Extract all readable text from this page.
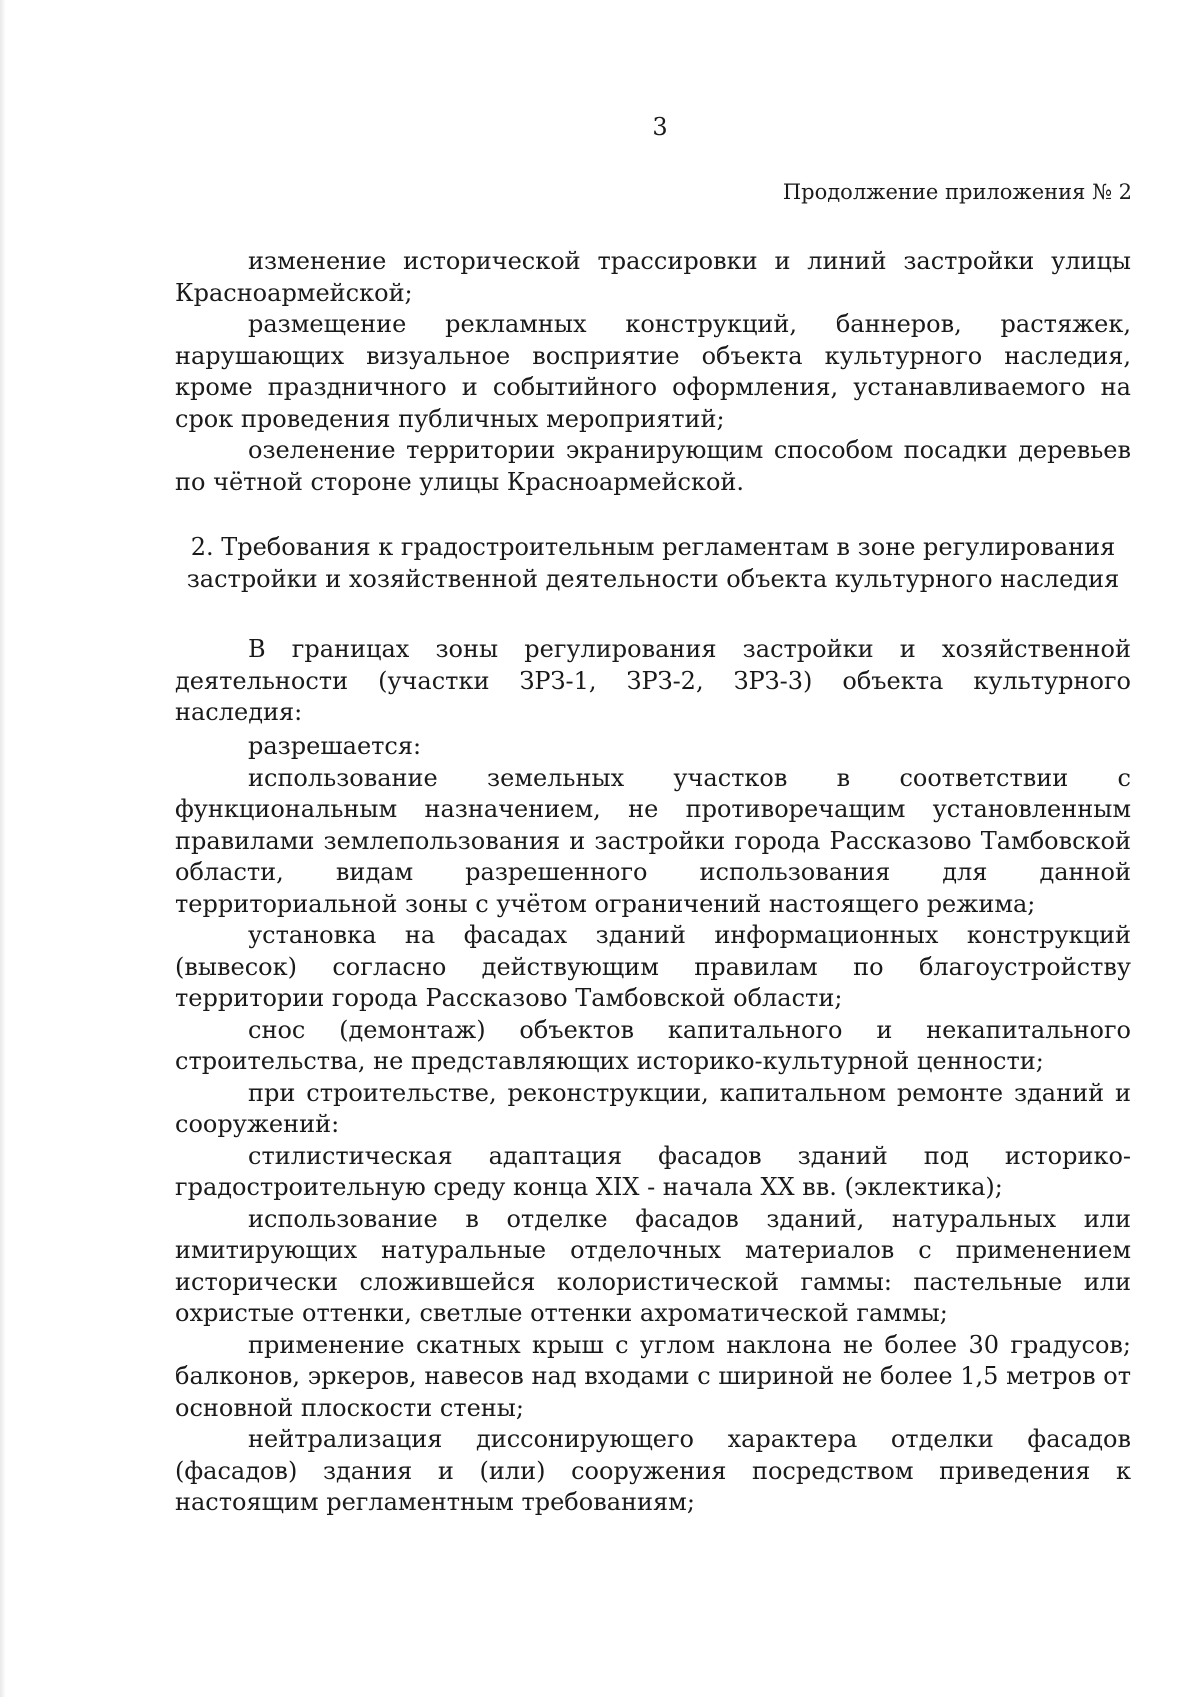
3
Продолжение приложения № 2

изменение исторической трассировки и линий застройки улицы Красноармейской;

размещение рекламных конструкций, баннеров, растяжек, нарушающих визуальное восприятие объекта культурного наследия, кроме праздничного и событийного оформления, устанавливаемого на срок проведения публичных мероприятий;

озеленение территории экранирующим способом посадки деревьев по чётной стороне улицы Красноармейской.

2. Требования к градостроительным регламентам в зоне регулирования
застройки и хозяйственной деятельности объекта культурного наследия

В границах зоны регулирования застройки и хозяйственной деятельности (участки ЗРЗ-1, ЗРЗ-2, ЗРЗ-3) объекта культурного наследия:

разрешается:

использование земельных участков в соответствии с функциональным назначением, не противоречащим установленным правилами землепользования и застройки города Рассказово Тамбовской области, видам разрешенного использования для данной территориальной зоны с учётом ограничений настоящего режима;

установка на фасадах зданий информационных конструкций (вывесок) согласно действующим правилам по благоустройству территории города Рассказово Тамбовской области;

снос (демонтаж) объектов капитального и некапитального строительства, не представляющих историко-культурной ценности;

при строительстве, реконструкции, капитальном ремонте зданий и сооружений:

стилистическая адаптация фасадов зданий под историко-градостроительную среду конца XIX - начала XX вв. (эклектика);

использование в отделке фасадов зданий, натуральных или имитирующих натуральные отделочных материалов с применением исторически сложившейся колористической гаммы: пастельные или охристые оттенки, светлые оттенки ахроматической гаммы;

применение скатных крыш с углом наклона не более 30 градусов; балконов, эркеров, навесов над входами с шириной не более 1,5 метров от основной плоскости стены;

нейтрализация диссонирующего характера отделки фасадов (фасадов) здания и (или) сооружения посредством приведения к настоящим регламентным требованиям;
